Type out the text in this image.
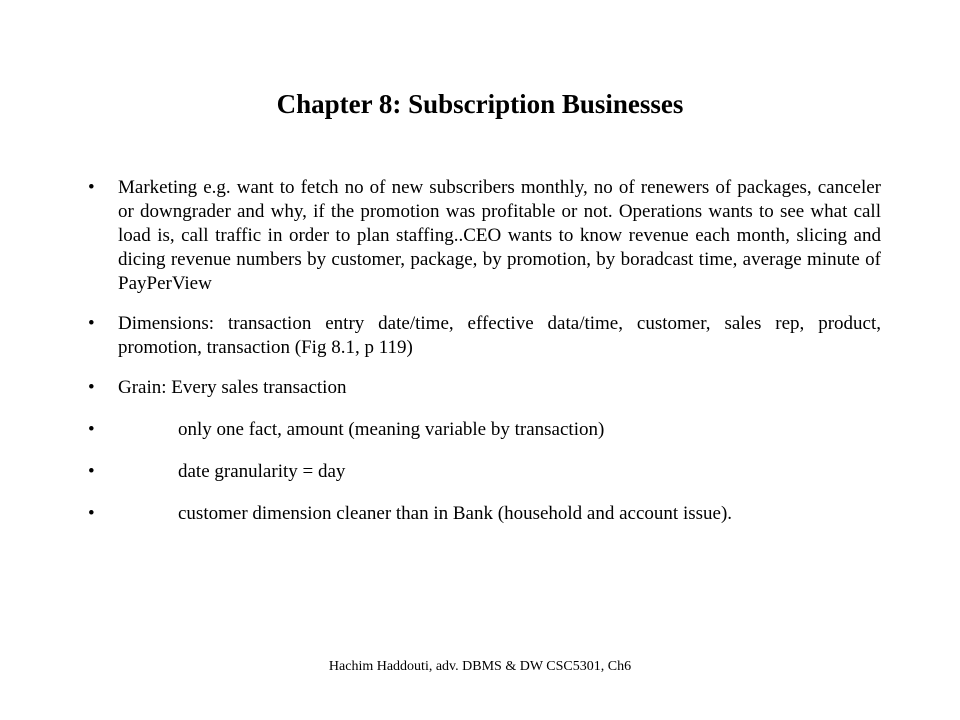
Chapter 8: Subscription Businesses
•	Marketing e.g. want to fetch no of new subscribers monthly, no of renewers of packages, canceler or downgrader and why, if the promotion was profitable or not. Operations wants to see what call load is, call traffic in order to plan staffing..CEO wants to know revenue each month, slicing and dicing revenue numbers by customer, package, by promotion, by boradcast time, average minute of PayPerView
•	Dimensions: transaction entry date/time, effective data/time, customer, sales rep, product, promotion, transaction (Fig 8.1, p 119)
•	Grain: Every sales transaction
•	only one fact, amount (meaning variable by transaction)
•	date granularity = day
•	customer dimension cleaner than in Bank (household and account issue).

Hachim Haddouti, adv. DBMS & DW CSC5301, Ch6
